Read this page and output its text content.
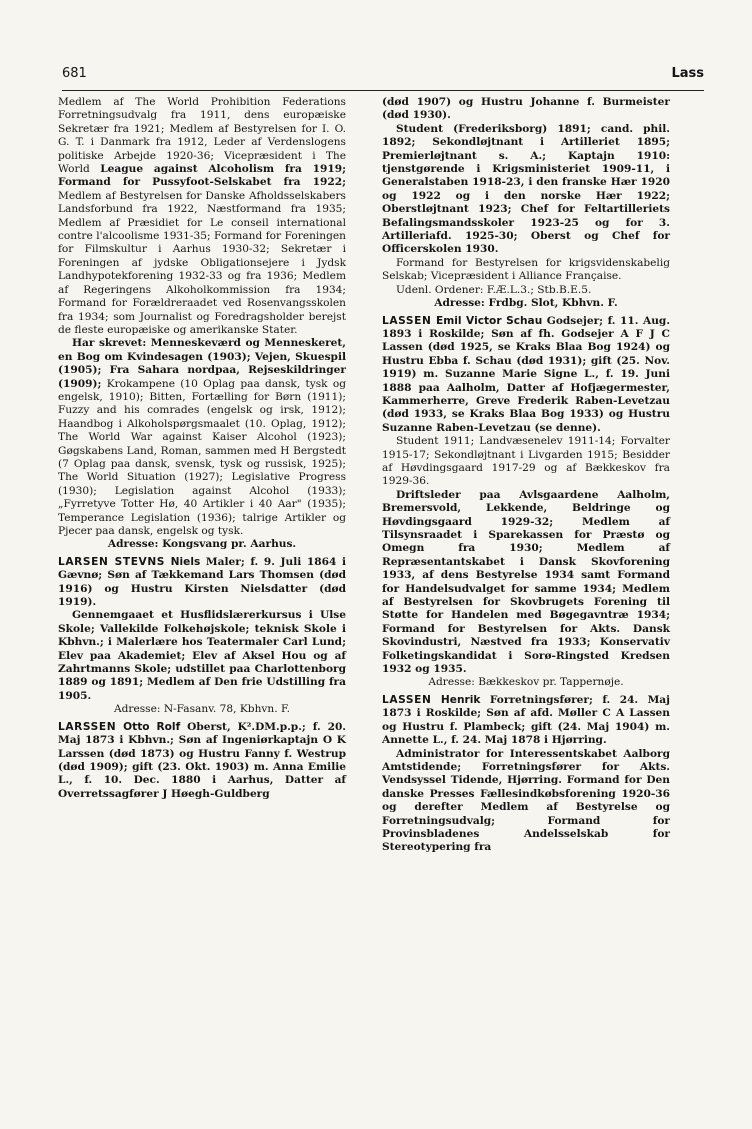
681	Lass

Medlem af The World Prohibition Federations Forretningsudvalg fra 1911, dens europæiske Sekretær fra 1921; Medlem af Bestyrelsen for I. O. G. T. i Danmark fra 1912, Leder af Verdenslogens politiske Arbejde 1920-36; Vicepræsident i The World League against Alcoholism fra 1919; Formand for Pussyfoot-Selskabet fra 1922; Medlem af Bestyrelsen for Danske Afholdsselskabers Landsforbund fra 1922, Næstformand fra 1935; Medlem af Præsidiet for Le conseil international contre l'alcoolisme 1931-35; Formand for Foreningen for Filmskultur i Aarhus 1930-32; Sekretær i Foreningen af jydske Obligationsejere i Jydsk Landhypotekforening 1932-33 og fra 1936; Medlem af Regeringens Alkoholkommission fra 1934; Formand for Forældreraadet ved Rosenvangsskolen fra 1934; som Journalist og Foredragsholder berejst de fleste europæiske og amerikanske Stater.

Har skrevet: Menneskeværd og Menneskeret, en Bog om Kvindesagen (1903); Vejen, Skuespil (1905); Fra Sahara nordpaa, Rejseskildringer (1909); Krokampene (10 Oplag paa dansk, tysk og engelsk, 1910); Bitten, Fortælling for Børn (1911); Fuzzy and his comrades (engelsk og irsk, 1912); Haandbog i Alkoholspørgsmaalet (10. Oplag, 1912); The World War against Kaiser Alcohol (1923); Gøgskabens Land, Roman, sammen med H Bergstedt (7 Oplag paa dansk, svensk, tysk og russisk, 1925); The World Situation (1927); Legislative Progress (1930); Legislation against Alcohol (1933); „Fyrretyve Totter Hø, 40 Artikler i 40 Aar" (1935); Temperance Legislation (1936); talrige Artikler og Pjecer paa dansk, engelsk og tysk.

Adresse: Kongsvang pr. Aarhus.

LARSEN STEVNS Niels Maler; f. 9. Juli 1864 i Gævnø; Søn af Tækkemand Lars Thomsen (død 1916) og Hustru Kirsten Nielsdatter (død 1919).

Gennemgaaet et Husflidslærerkursus i Ulse Skole; Vallekilde Folkehøjskole; teknisk Skole i Kbhvn.; i Malerlære hos Teatermaler Carl Lund; Elev paa Akademiet; Elev af Aksel Hou og af Zahrtmanns Skole; udstillet paa Charlottenborg 1889 og 1891; Medlem af Den frie Udstilling fra 1905.

Adresse: N-Fasanv. 78, Kbhvn. F.

LARSSEN Otto Rolf Oberst, K².DM.p.p.; f. 20. Maj 1873 i Kbhvn.; Søn af Ingeniørkaptajn O K Larssen (død 1873) og Hustru Fanny f. Westrup (død 1909); gift (23. Okt. 1903) m. Anna Emilie L., f. 10. Dec. 1880 i Aarhus, Datter af Overretssagfører J Høegh-Guldberg

(død 1907) og Hustru Johanne f. Burmeister (død 1930).

Student (Frederiksborg) 1891; cand. phil. 1892; Sekondløjtnant i Artilleriet 1895; Premierløjtnant s. A.; Kaptajn 1910: tjenstgørende i Krigsministeriet 1909-11, i Generalstaben 1918-23, i den franske Hær 1920 og 1922 og i den norske Hær 1922; Oberstløjtnant 1923; Chef for Feltartilleriets Befalingsmandsskoler 1923-25 og for 3. Artilleriafd. 1925-30; Oberst og Chef for Officerskolen 1930.

Formand for Bestyrelsen for krigsvidenskabelig Selskab; Vicepræsident i Alliance Française.

Udenl. Ordener: F.Æ.L.3.; Stb.B.E.5.

Adresse: Frdbg. Slot, Kbhvn. F.

LASSEN Emil Victor Schau Godsejer; f. 11. Aug. 1893 i Roskilde; Søn af fh. Godsejer A F J C Lassen (død 1925, se Kraks Blaa Bog 1924) og Hustru Ebba f. Schau (død 1931); gift (25. Nov. 1919) m. Suzanne Marie Signe L., f. 19. Juni 1888 paa Aalholm, Datter af Hofjægermester, Kammerherre, Greve Frederik Raben-Levetzau (død 1933, se Kraks Blaa Bog 1933) og Hustru Suzanne Raben-Levetzau (se denne).

Student 1911; Landvæsenelev 1911-14; Forvalter 1915-17; Sekondløjtnant i Livgarden 1915; Besidder af Høvdingsgaard 1917-29 og af Bækkeskov fra 1929-36.

Driftsleder paa Avlsgaardene Aalholm, Bremersvold, Lekkende, Beldringe og Høvdingsgaard 1929-32; Medlem af Tilsynsraadet i Sparekassen for Præstø og Omegn fra 1930; Medlem af Repræsentantskabet i Dansk Skovforening 1933, af dens Bestyrelse 1934 samt Formand for Handelsudvalget for samme 1934; Medlem af Bestyrelsen for Skovbrugets Forening til Støtte for Handelen med Bøgegavntræ 1934; Formand for Bestyrelsen for Akts. Dansk Skovindustri, Næstved fra 1933; Konservativ Folketingskandidat i Sorø-Ringsted Kredsen 1932 og 1935.

Adresse: Bækkeskov pr. Tappernøje.

LASSEN Henrik Forretningsfører; f. 24. Maj 1873 i Roskilde; Søn af afd. Møller C A Lassen og Hustru f. Plambeck; gift (24. Maj 1904) m. Annette L., f. 24. Maj 1878 i Hjørring.

Administrator for Interessentskabet Aalborg Amtstidende; Forretningsfører for Akts. Vendsyssel Tidende, Hjørring. Formand for Den danske Presses Fællesindkøbsforening 1920-36 og derefter Medlem af Bestyrelse og Forretningsudvalg; Formand for Provinsbladenes Andelsselskab for Stereotypering fra
